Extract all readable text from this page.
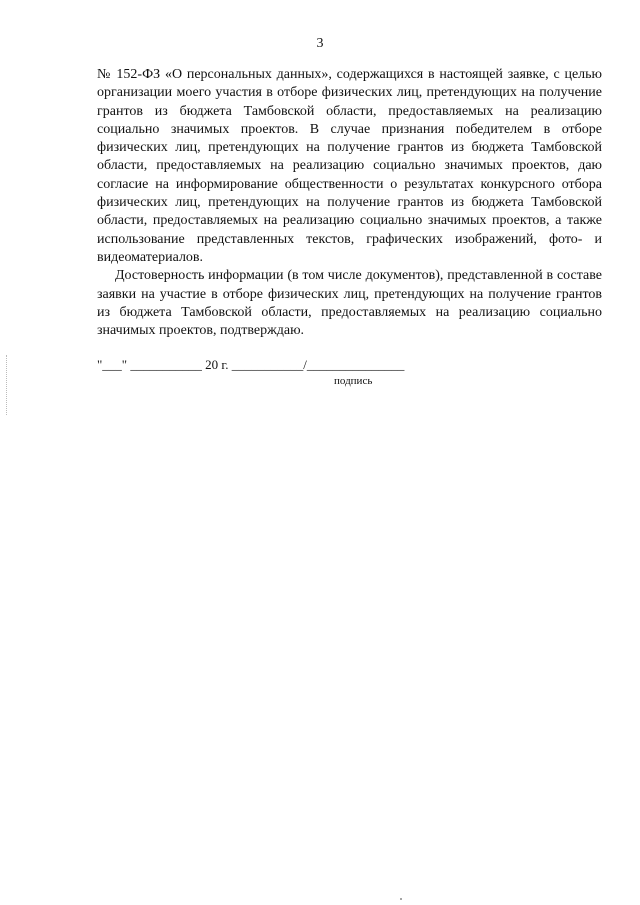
3

№ 152-ФЗ «О персональных данных», содержащихся в настоящей заявке, с целью организации моего участия в отборе физических лиц, претендующих на получение грантов из бюджета Тамбовской области, предоставляемых на реализацию социально значимых проектов. В случае признания победителем в отборе физических лиц, претендующих на получение грантов из бюджета Тамбовской области, предоставляемых на реализацию социально значимых проектов, даю согласие на информирование общественности о результатах конкурсного отбора физических лиц, претендующих на получение грантов из бюджета Тамбовской области, предоставляемых на реализацию социально значимых проектов, а также использование представленных текстов, графических изображений, фото- и видеоматериалов.

Достоверность информации (в том числе документов), представленной в составе заявки на участие в отборе физических лиц, претендующих на получение грантов из бюджета Тамбовской области, предоставляемых на реализацию социально значимых проектов, подтверждаю.

"___" ___________ 20 г. ___________/_______________
подпись
